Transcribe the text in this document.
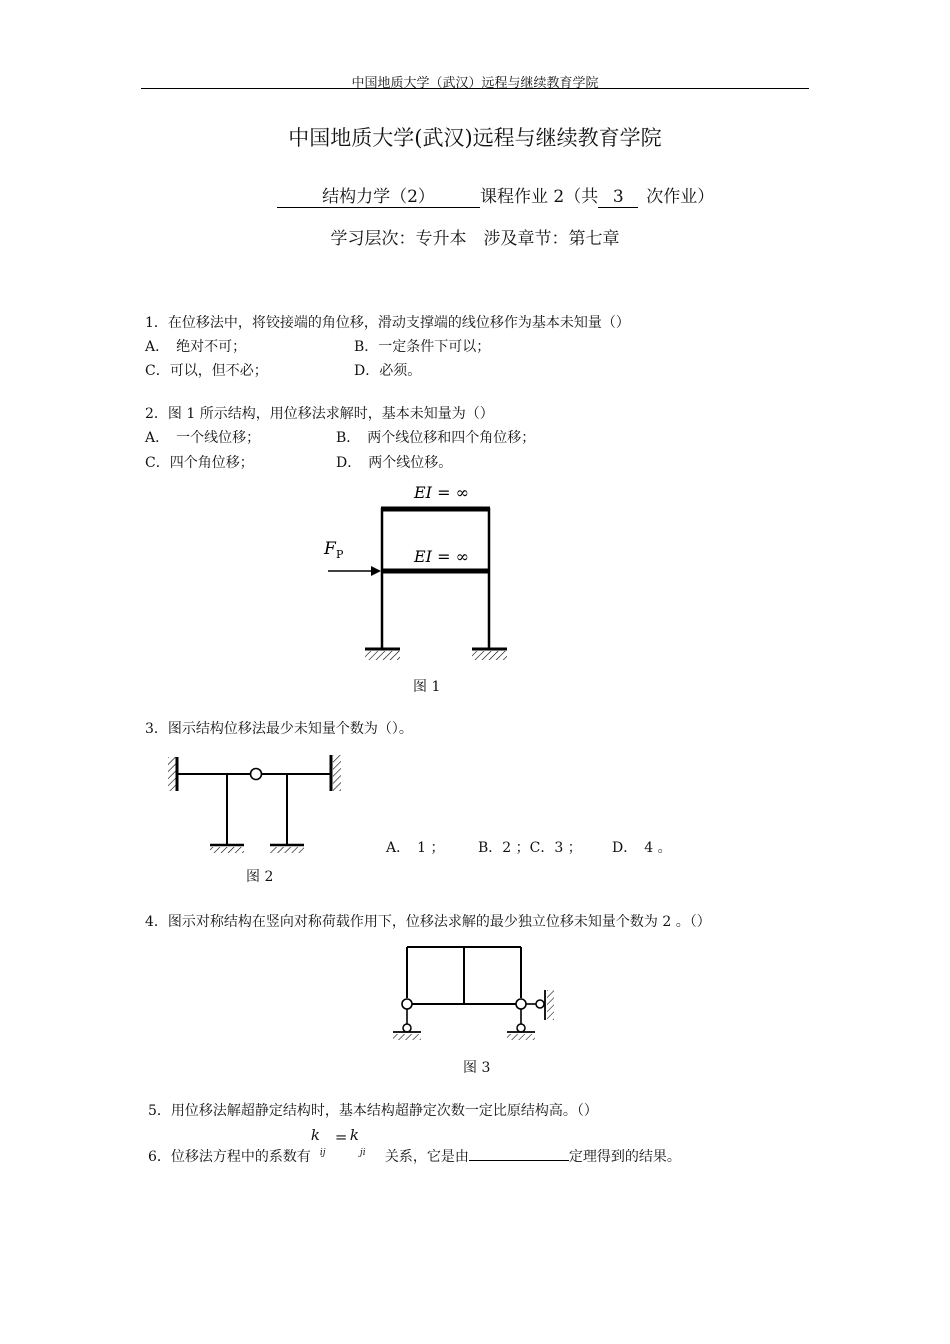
中国地质大学（武汉）远程与继续教育学院
中国地质大学(武汉)远程与继续教育学院
结构力学（2）	课程作业 2（共 3 次作业）
学习层次：专升本　涉及章节：第七章
1．在位移法中，将铰接端的角位移，滑动支撑端的线位移作为基本未知量（）
A．　绝对不可；	B．一定条件下可以；
C．可以，但不必；	D．必须。
2．图 1 所示结构，用位移法求解时，基本未知量为（）
A．　一个线位移；	B．　两个线位移和四个角位移；
C．四个角位移；	D．　两个线位移。
EI = ∞
EI = ∞
F P
图 1
3．图示结构位移法最少未知量个数为（）。
A．　1 ； B．2 ；C．3 ； D．　4 。
图 2
4．图示对称结构在竖向对称荷载作用下，位移法求解的最少独立位移未知量个数为 2 。（）
图 3
5．用位移法解超静定结构时，基本结构超静定次数一定比原结构高。（）
6．位移法方程中的系数有
k
ij
= k
ji 关系，它是由	定理得到的结果。
